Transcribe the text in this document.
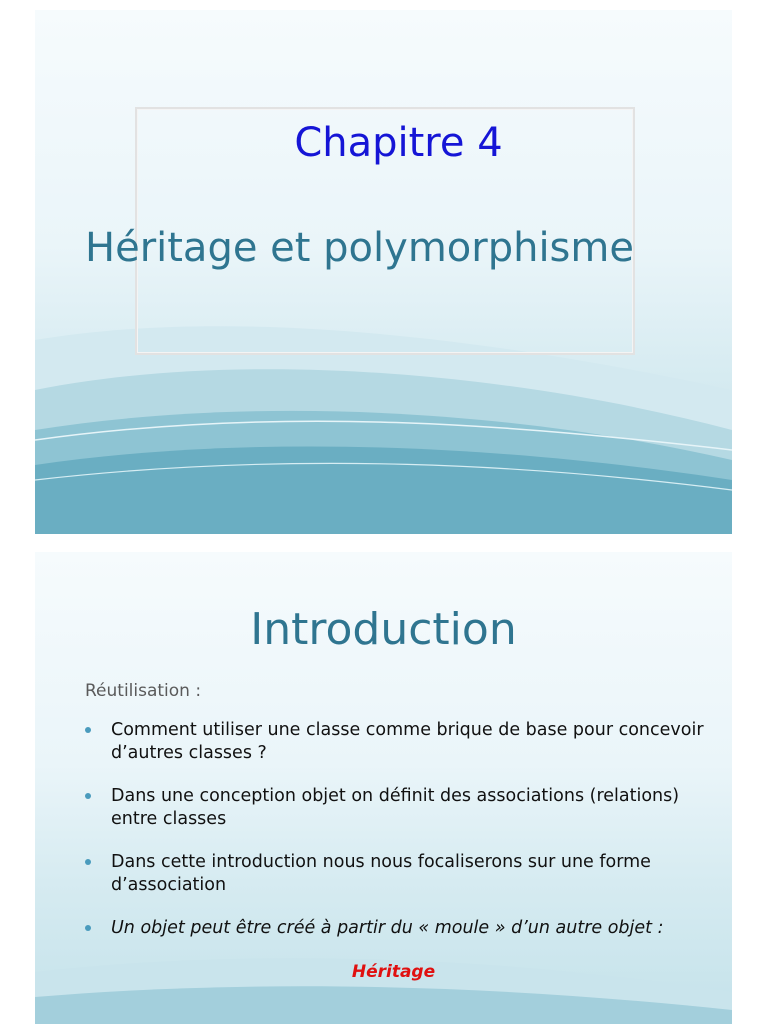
Chapitre 4
Héritage et polymorphisme
Introduction
Réutilisation :
Comment utiliser une classe comme brique de base pour concevoir d’autres classes ?
Dans une conception objet on définit des associations (relations) entre classes
Dans cette introduction nous nous focaliserons sur une forme d’association
Un objet peut être créé à partir du « moule » d’un autre objet :
Héritage
